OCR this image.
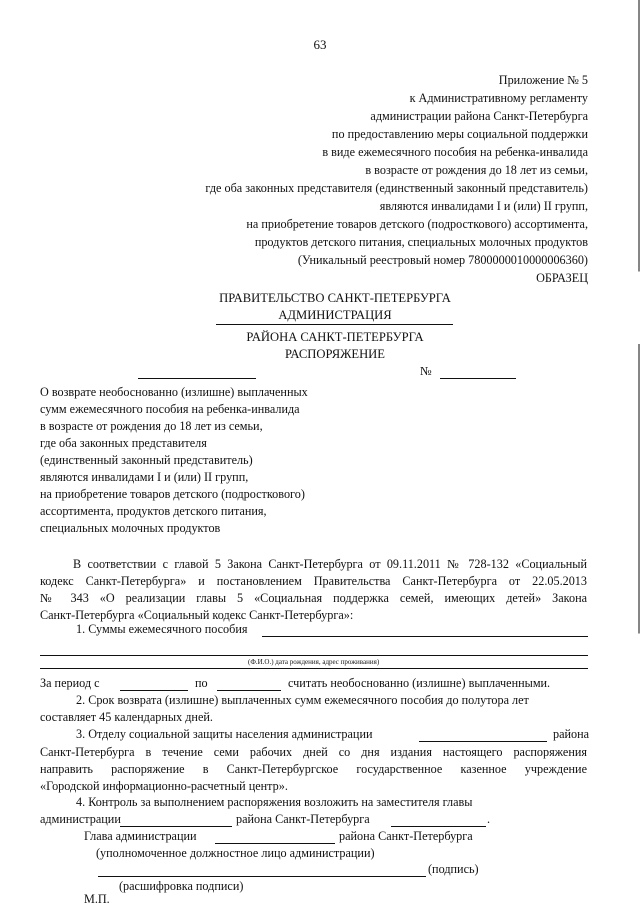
63
Приложение № 5
к Административному регламенту
администрации района Санкт-Петербурга
по предоставлению меры социальной поддержки
в виде ежемесячного пособия на ребенка-инвалида
в возрасте от рождения до 18 лет из семьи,
где оба законных представителя (единственный законный представитель)
являются инвалидами I и (или) II групп,
на приобретение товаров детского (подросткового) ассортимента,
продуктов детского питания, специальных молочных продуктов
(Уникальный реестровый номер 7800000010000006360)
ОБРАЗЕЦ
ПРАВИТЕЛЬСТВО САНКТ-ПЕТЕРБУРГА
АДМИНИСТРАЦИЯ
РАЙОНА САНКТ-ПЕТЕРБУРГА
РАСПОРЯЖЕНИЕ
№
О возврате необоснованно (излишне) выплаченных
сумм ежемесячного пособия на ребенка-инвалида
в возрасте от рождения до 18 лет из семьи,
где оба законных представителя
(единственный законный представитель)
являются инвалидами I и (или) II групп,
на приобретение товаров детского (подросткового)
ассортимента, продуктов детского питания,
специальных молочных продуктов
В соответствии с главой 5 Закона Санкт-Петербурга от 09.11.2011 № 728-132 «Социальный
кодекс Санкт-Петербурга» и постановлением Правительства Санкт-Петербурга от 22.05.2013
№ 343 «О реализации главы 5 «Социальная поддержка семей, имеющих детей» Закона
Санкт-Петербурга «Социальный кодекс Санкт-Петербурга»:
1. Суммы ежемесячного пособия
(Ф.И.О.) дата рождения, адрес проживания)
За период с	по	считать необоснованно (излишне) выплаченными.
2. Срок возврата (излишне) выплаченных сумм ежемесячного пособия до полутора лет
составляет 45 календарных дней.
3. Отделу социальной защиты населения администрации	района
Санкт-Петербурга в течение семи рабочих дней со дня издания настоящего распоряжения
направить распоряжение в Санкт-Петербургское государственное казенное учреждение
«Городской информационно-расчетный центр».
4. Контроль за выполнением распоряжения возложить на заместителя главы
администрации	района Санкт-Петербурга	.
Глава администрации	района Санкт-Петербурга
(уполномоченное должностное лицо администрации)
(подпись)
(расшифровка подписи)
М.П.
